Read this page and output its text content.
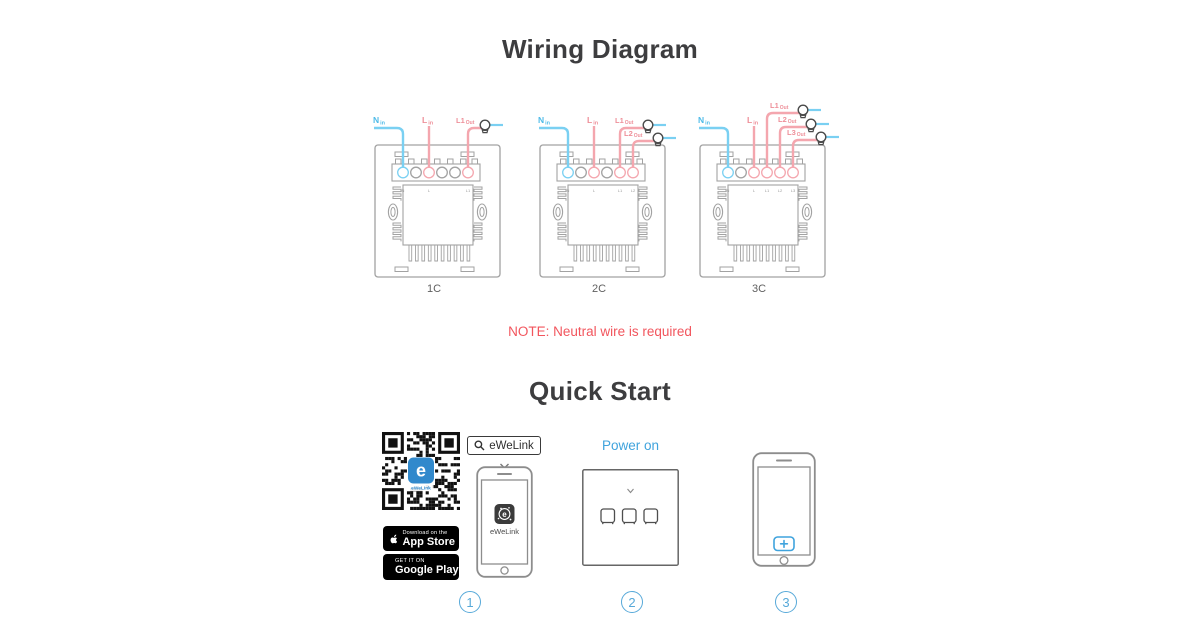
Wiring Diagram
Nin	Lin	L1Out
N	L	L1
1C
Nin	Lin L1Out
L2Out
N	L	L1 L2
2C
Nin	Lin
L1Out
L2Out
L3Out
N	L L1 L2 L3
3C
NOTE: Neutral wire is required
Quick Start
e
eWeLink
Download on the
App Store
GET IT ON
Google Play
eWeLink
e
eWeLink
Power on
1	2	3
